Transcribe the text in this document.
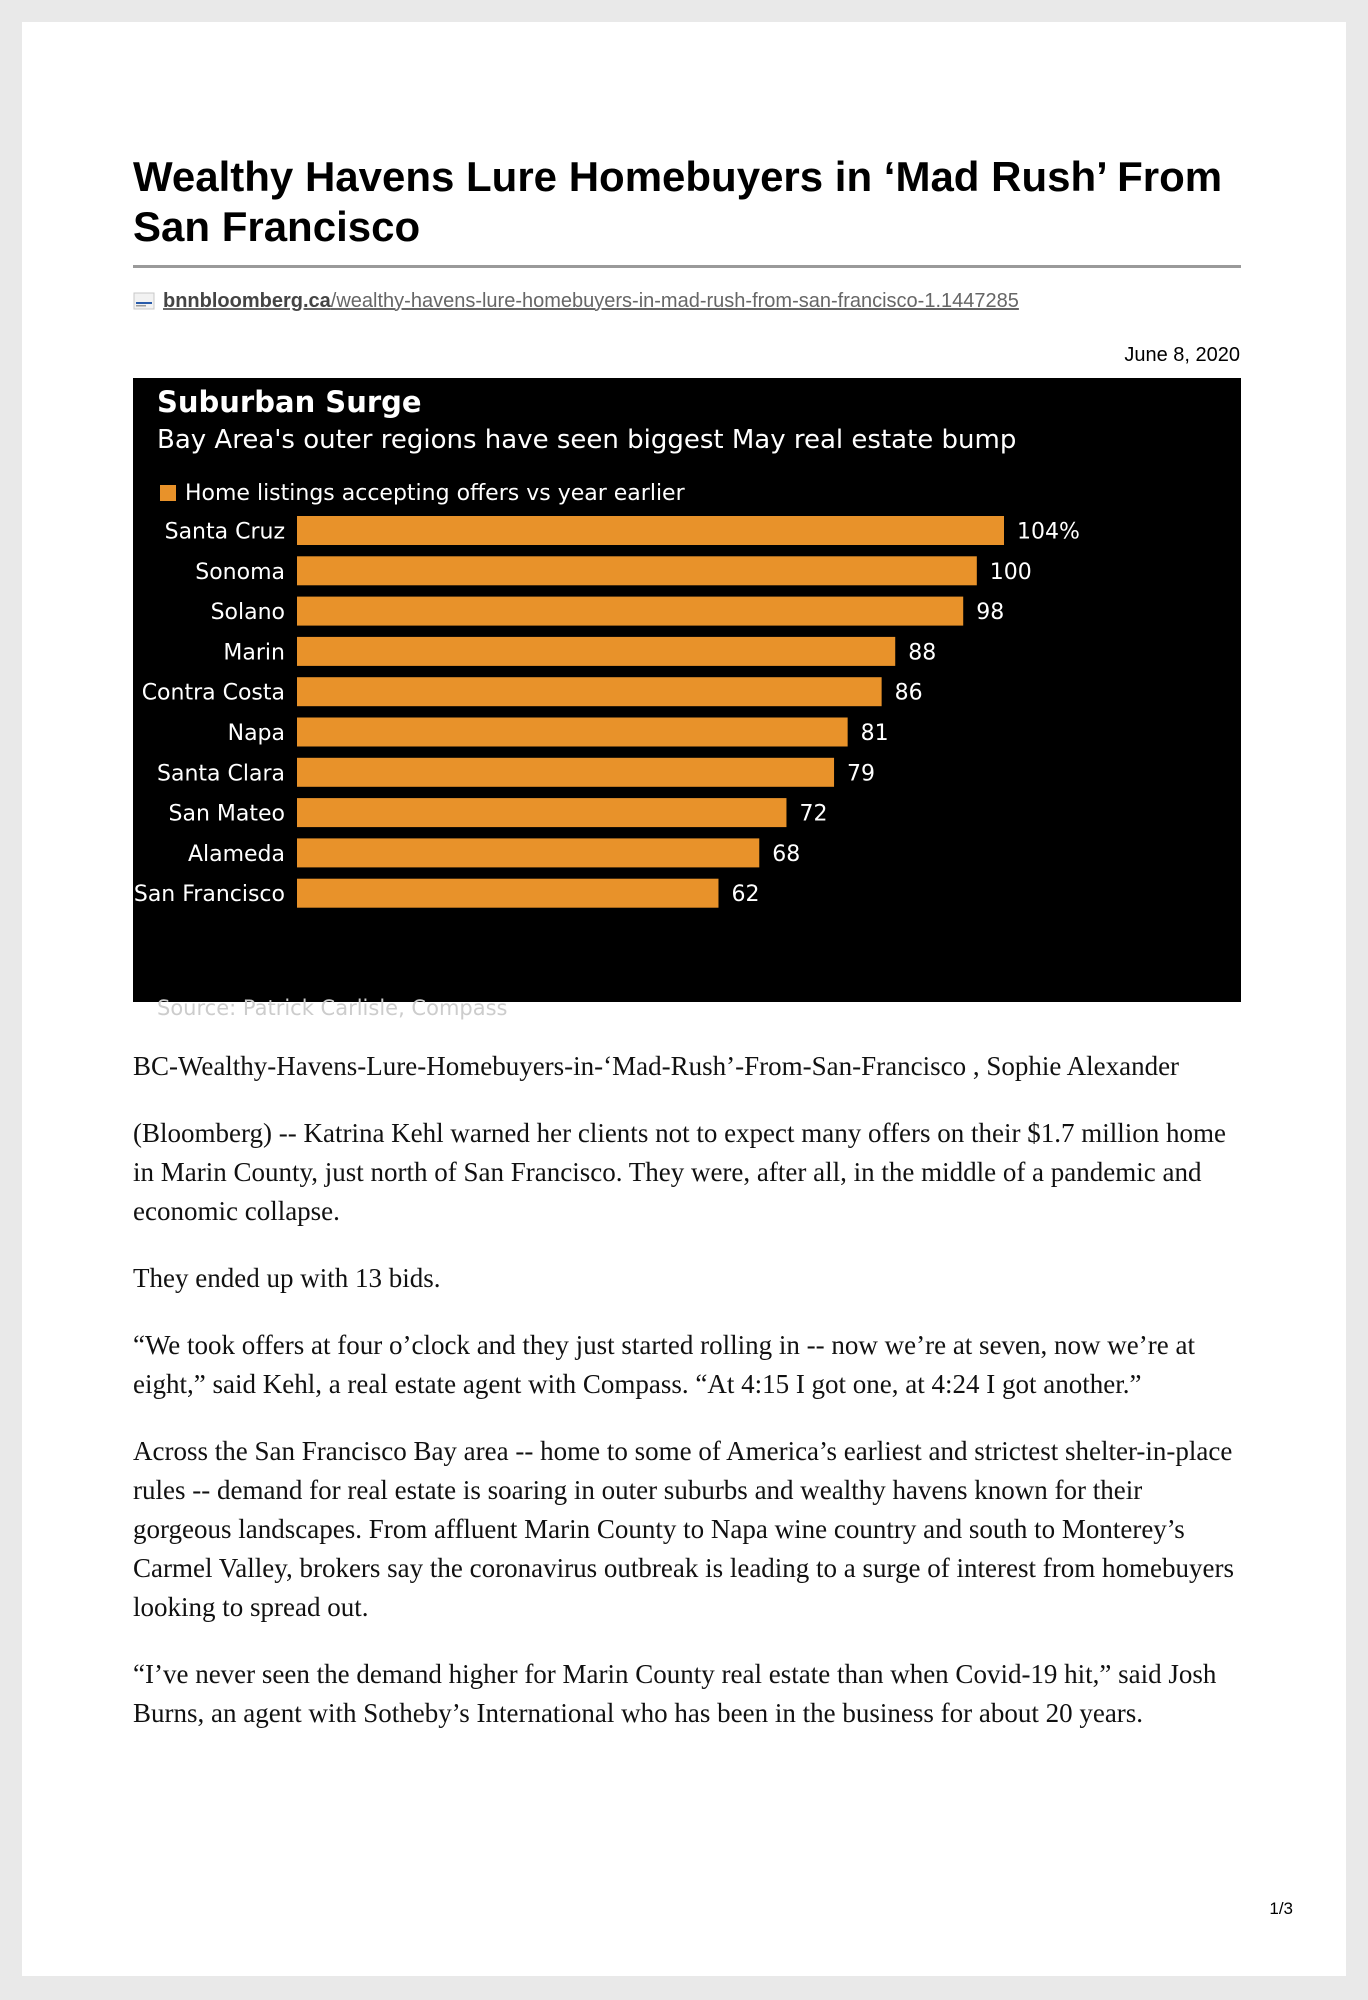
Wealthy Havens Lure Homebuyers in ‘Mad Rush’ From San Francisco
bnnbloomberg.ca/wealthy-havens-lure-homebuyers-in-mad-rush-from-san-francisco-1.1447285
June 8, 2020
Suburban Surge
Bay Area's outer regions have seen biggest May real estate bump
Home listings accepting offers vs year earlier
Santa Cruz	104%
Sonoma	100
Solano	98
Marin	88
Contra Costa	86
Napa	81
Santa Clara	79
San Mateo	72
Alameda	68
San Francisco	62
Source: Patrick Carlisle, Compass

BC-Wealthy-Havens-Lure-Homebuyers-in-‘Mad-Rush’-From-San-Francisco , Sophie Alexander

(Bloomberg) -- Katrina Kehl warned her clients not to expect many offers on their $1.7 million home in Marin County, just north of San Francisco. They were, after all, in the middle of a pandemic and economic collapse.

They ended up with 13 bids.

“We took offers at four o’clock and they just started rolling in -- now we’re at seven, now we’re at eight,” said Kehl, a real estate agent with Compass. “At 4:15 I got one, at 4:24 I got another.”

Across the San Francisco Bay area -- home to some of America’s earliest and strictest shelter-in-place rules -- demand for real estate is soaring in outer suburbs and wealthy havens known for their gorgeous landscapes. From affluent Marin County to Napa wine country and south to Monterey’s Carmel Valley, brokers say the coronavirus outbreak is leading to a surge of interest from homebuyers looking to spread out.

“I’ve never seen the demand higher for Marin County real estate than when Covid-19 hit,” said Josh Burns, an agent with Sotheby’s International who has been in the business for about 20 years.

1/3
